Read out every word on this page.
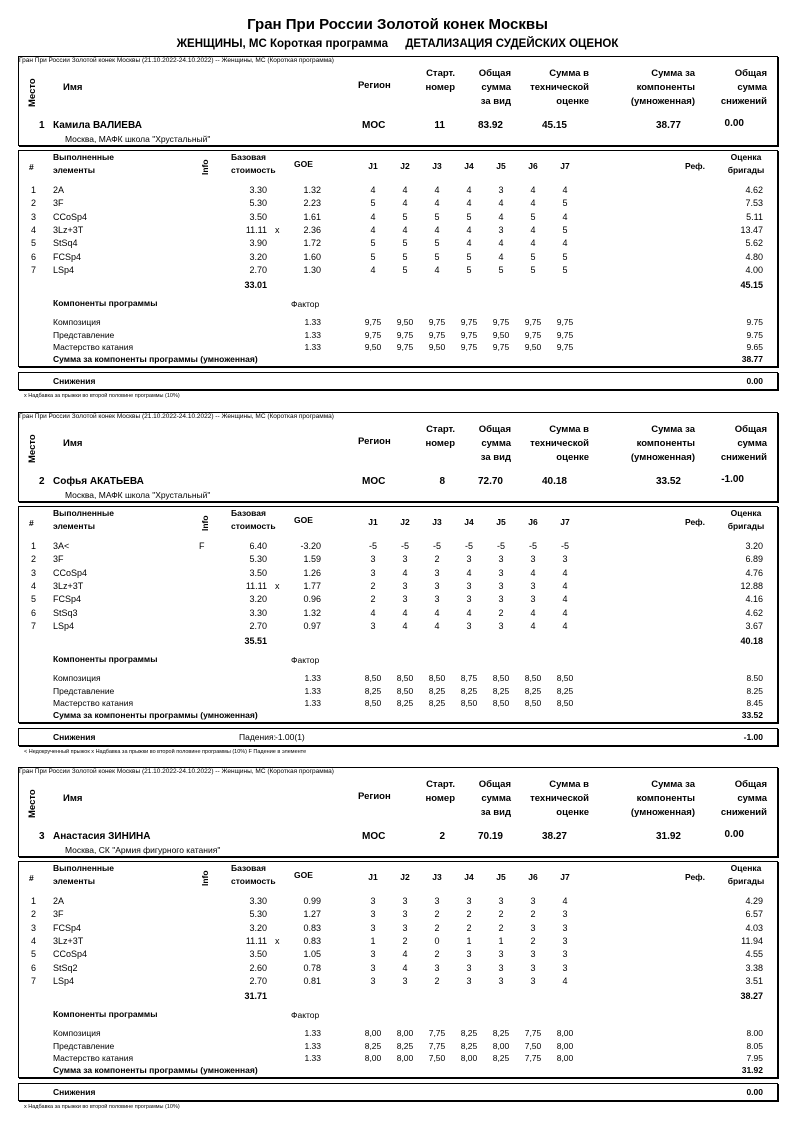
Гран При России Золотой конек Москвы
ЖЕНЩИНЫ, МС Короткая программа ДЕТАЛИЗАЦИЯ СУДЕЙСКИХ ОЦЕНОК
Гран При России Золотой конек Москвы (21.10.2022-24.10.2022) -- Женщины, МС (Короткая программа)
Место	Имя	Регион
Старт.
номер
Общая
сумма
за вид
Сумма в
технической
оценке
Сумма за
компоненты
(умноженная)
Общая
сумма
снижений
1 Камила ВАЛИЕВА
Москва, МАФК школа "Хрустальный"
MOC	11	83.92	45.15	38.77	0.00
#
Выполненные
элементы	Info
Базовая
стоимость
GOE	J1	J2	J3	J4	J5	J6	J7	Реф.
Оценка
бригады
1 2A	3.30	1.32	4	4	4	4	3	4	4	4.62
2 3F	5.30	2.23	5	4	4	4	4	4	5	7.53
3 CCoSp4	3.50	1.61	4	5	5	5	4	5	4	5.11
4 3Lz+3T	11.11 x	2.36	4	4	4	4	3	4	5	13.47
5 StSq4	3.90	1.72	5	5	5	4	4	4	4	5.62
6 FCSp4	3.20	1.60	5	5	5	5	4	5	5	4.80
7 LSp4	2.70	1.30	4	5	4	5	5	5	5	4.00
33.01	45.15
Компоненты программы	Фактор
Композиция	1.33	9,75	9,50	9,75	9,75	9,75	9,75	9,75	9.75
Представление	1.33	9,75	9,75	9,75	9,75	9,50	9,75	9,75	9.75
Мастерство катания	1.33	9,50	9,75	9,50	9,75	9,75	9,50	9,75	9.65
Сумма за компоненты программы (умноженная)	38.77
Снижения	0.00
x Надбавка за прыжки во второй половине программы (10%)
Гран При России Золотой конек Москвы (21.10.2022-24.10.2022) -- Женщины, МС (Короткая программа)
Место	Имя	Регион
Старт.
номер
Общая
сумма
за вид
Сумма в
технической
оценке
Сумма за
компоненты
(умноженная)
Общая
сумма
снижений
2 Софья АКАТЬЕВА
Москва, МАФК школа "Хрустальный"
MOC	8	72.70	40.18	33.52	-1.00
#
Выполненные
элементы	Info
Базовая
стоимость
GOE	J1	J2	J3	J4	J5	J6	J7	Реф.
Оценка
бригады
1 3A<	F	6.40	-3.20	-5	-5	-5	-5	-5	-5	-5	3.20
2 3F	5.30	1.59	3	3	2	3	3	3	3	6.89
3 CCoSp4	3.50	1.26	3	4	3	4	3	4	4	4.76
4 3Lz+3T	11.11 x	1.77	2	3	3	3	3	3	4	12.88
5 FCSp4	3.20	0.96	2	3	3	3	3	3	4	4.16
6 StSq3	3.30	1.32	4	4	4	4	2	4	4	4.62
7 LSp4	2.70	0.97	3	4	4	3	3	4	4	3.67
35.51	40.18
Компоненты программы	Фактор
Композиция	1.33	8,50	8,50	8,50	8,75	8,50	8,50	8,50	8.50
Представление	1.33	8,25	8,50	8,25	8,25	8,25	8,25	8,25	8.25
Мастерство катания	1.33	8,50	8,25	8,25	8,50	8,50	8,50	8,50	8.45
Сумма за компоненты программы (умноженная)	33.52
Снижения	Падения: -1.00(1)	-1.00
< Недокрученный прыжок x Надбавка за прыжки во второй половине программы (10%) F Падение в элементе
Гран При России Золотой конек Москвы (21.10.2022-24.10.2022) -- Женщины, МС (Короткая программа)
Место	Имя	Регион
Старт.
номер
Общая
сумма
за вид
Сумма в
технической
оценке
Сумма за
компоненты
(умноженная)
Общая
сумма
снижений
3 Анастасия ЗИНИНА
Москва, СК "Армия фигурного катания"
MOC	2	70.19	38.27	31.92	0.00
#
Выполненные
элементы	Info
Базовая
стоимость
GOE	J1	J2	J3	J4	J5	J6	J7	Реф.
Оценка
бригады
1 2A	3.30	0.99	3	3	3	3	3	3	4	4.29
2 3F	5.30	1.27	3	3	2	2	2	2	3	6.57
3 FCSp4	3.20	0.83	3	3	2	2	2	3	3	4.03
4 3Lz+3T	11.11 x	0.83	1	2	0	1	1	2	3	11.94
5 CCoSp4	3.50	1.05	3	4	2	3	3	3	3	4.55
6 StSq2	2.60	0.78	3	4	3	3	3	3	3	3.38
7 LSp4	2.70	0.81	3	3	2	3	3	3	4	3.51
31.71	38.27
Компоненты программы	Фактор
Композиция	1.33	8,00	8,00	7,75	8,25	8,25	7,75	8,00	8.00
Представление	1.33	8,25	8,25	7,75	8,25	8,00	7,50	8,00	8.05
Мастерство катания	1.33	8,00	8,00	7,50	8,00	8,25	7,75	8,00	7.95
Сумма за компоненты программы (умноженная)	31.92
Снижения	0.00
x Надбавка за прыжки во второй половине программы (10%)
